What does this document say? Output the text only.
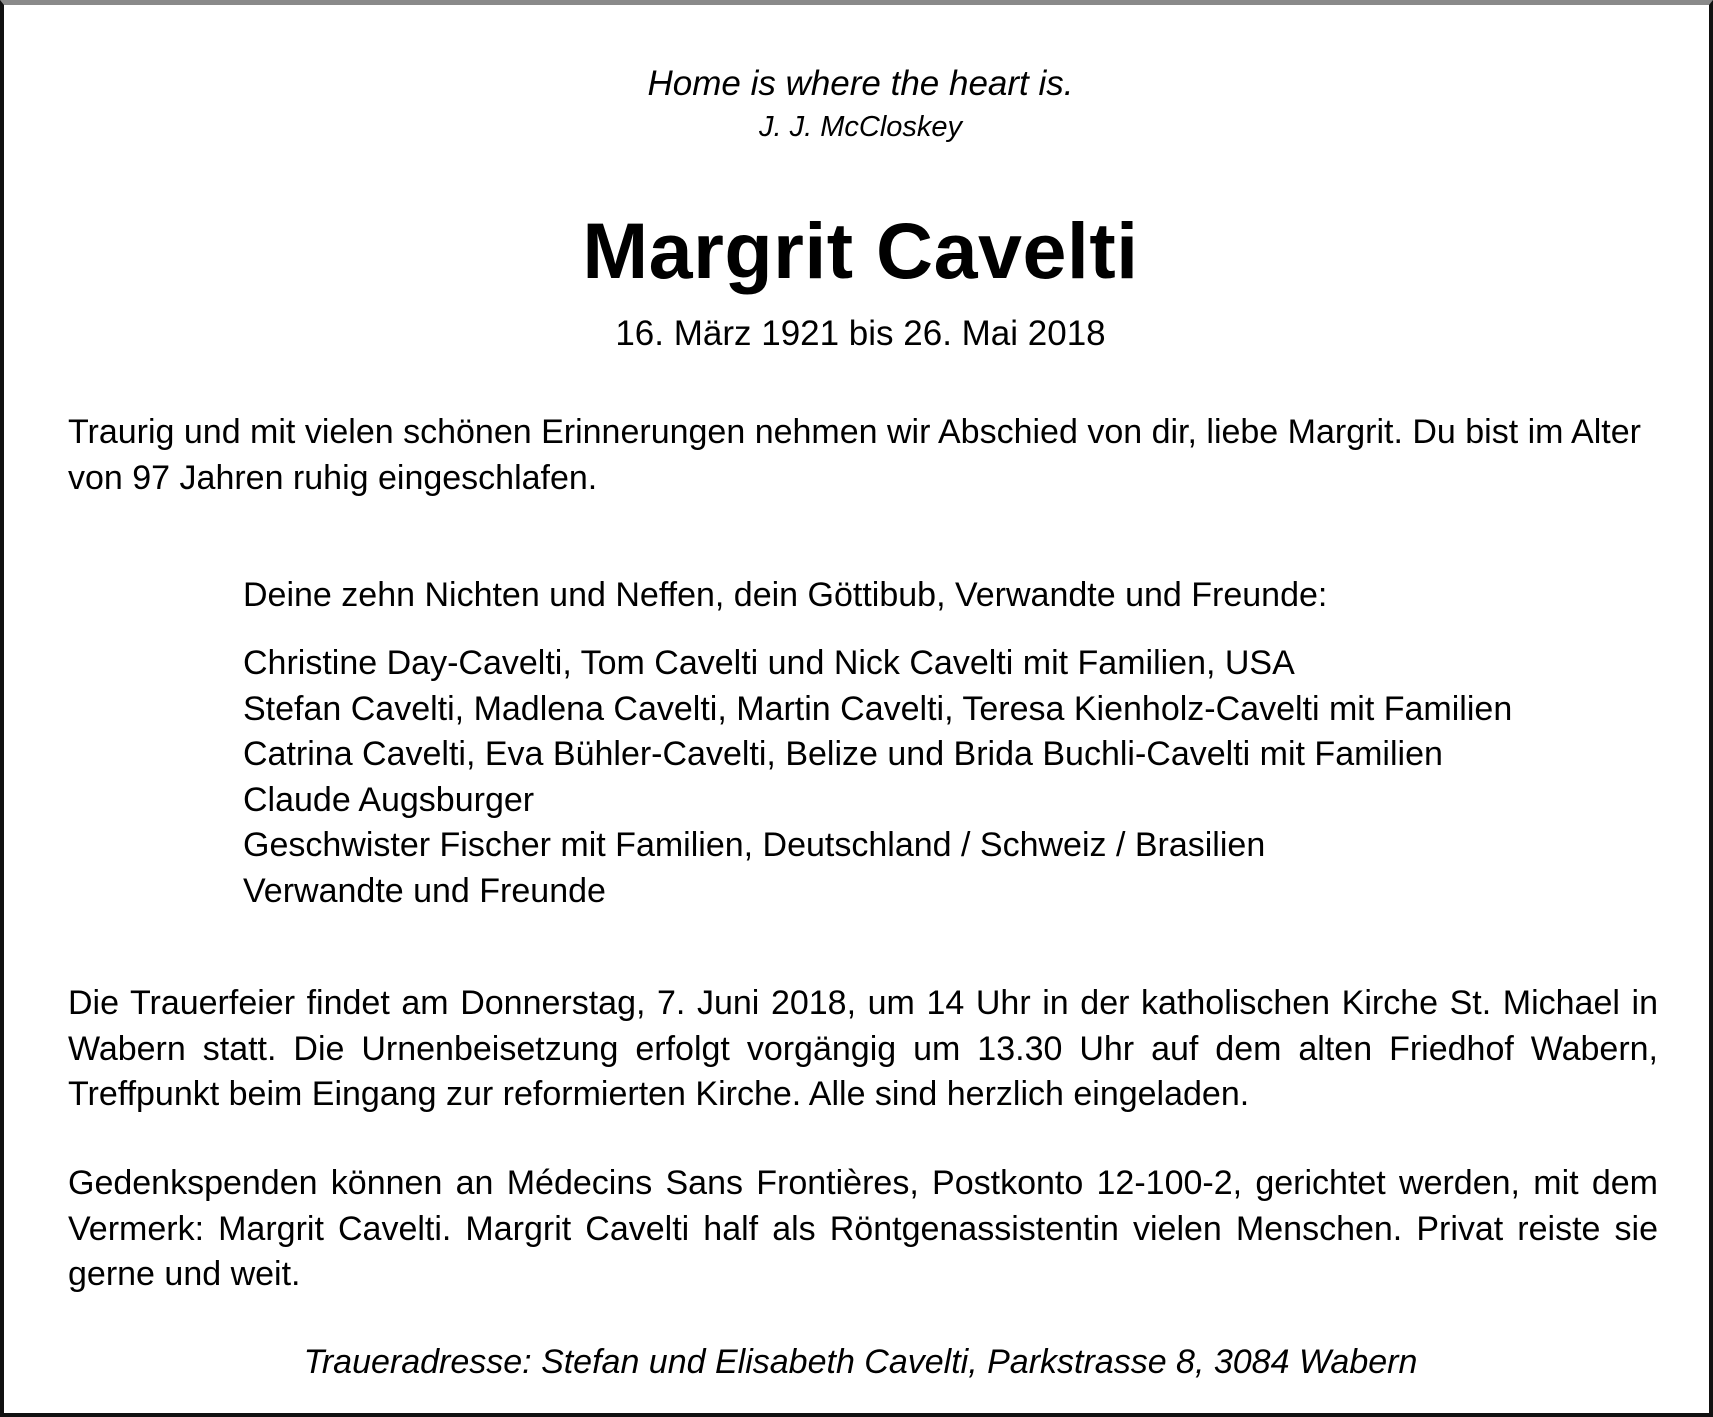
Home is where the heart is.
J. J. McCloskey
Margrit Cavelti
16. März 1921 bis 26. Mai 2018
Traurig und mit vielen schönen Erinnerungen nehmen wir Abschied von dir, liebe Margrit. Du bist im Alter von 97 Jahren ruhig eingeschlafen.
Deine zehn Nichten und Neffen, dein Göttibub, Verwandte und Freunde:
Christine Day-Cavelti, Tom Cavelti und Nick Cavelti mit Familien, USA
Stefan Cavelti, Madlena Cavelti, Martin Cavelti, Teresa Kienholz-Cavelti mit Familien
Catrina Cavelti, Eva Bühler-Cavelti, Belize und Brida Buchli-Cavelti mit Familien
Claude Augsburger
Geschwister Fischer mit Familien, Deutschland / Schweiz / Brasilien
Verwandte und Freunde
Die Trauerfeier findet am Donnerstag, 7. Juni 2018, um 14 Uhr in der katholischen Kirche St. Michael in Wabern statt. Die Urnenbeisetzung erfolgt vorgängig um 13.30 Uhr auf dem alten Friedhof Wabern, Treffpunkt beim Eingang zur reformierten Kirche. Alle sind herzlich eingeladen.
Gedenkspenden können an Médecins Sans Frontières, Postkonto 12-100-2, gerichtet werden, mit dem Vermerk: Margrit Cavelti. Margrit Cavelti half als Röntgenassistentin vielen Menschen. Privat reiste sie gerne und weit.
Traueradresse: Stefan und Elisabeth Cavelti, Parkstrasse 8, 3084 Wabern
